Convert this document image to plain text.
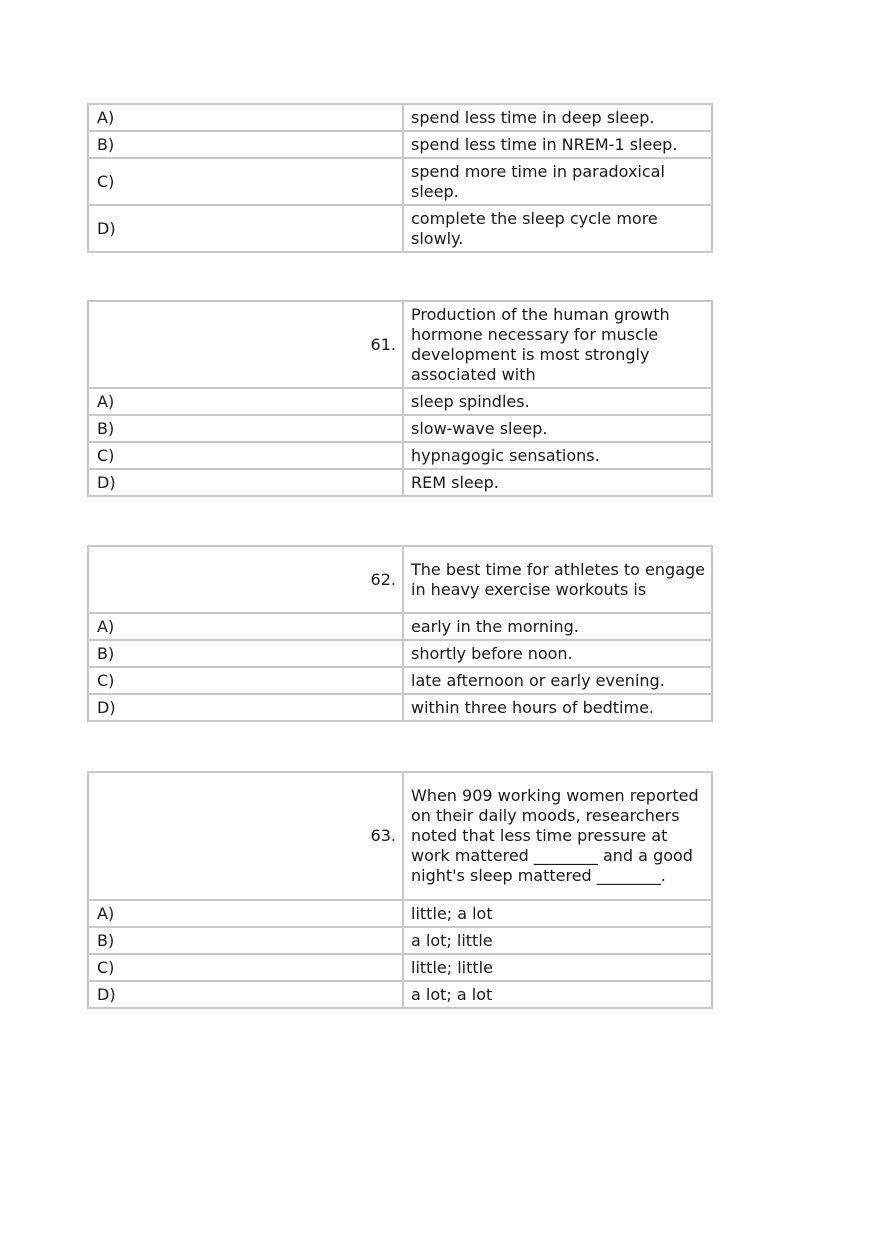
A)	spend less time in deep sleep.
B)	spend less time in NREM-1 sleep.
C)	spend more time in paradoxical sleep.
D)	complete the sleep cycle more slowly.
61.	Production of the human growth hormone necessary for muscle development is most strongly associated with
A)	sleep spindles.
B)	slow-wave sleep.
C)	hypnagogic sensations.
D)	REM sleep.
62.	The best time for athletes to engage in heavy exercise workouts is
A)	early in the morning.
B)	shortly before noon.
C)	late afternoon or early evening.
D)	within three hours of bedtime.
63.	When 909 working women reported on their daily moods, researchers noted that less time pressure at work mattered ________ and a good night's sleep mattered ________.
A)	little; a lot
B)	a lot; little
C)	little; little
D)	a lot; a lot
